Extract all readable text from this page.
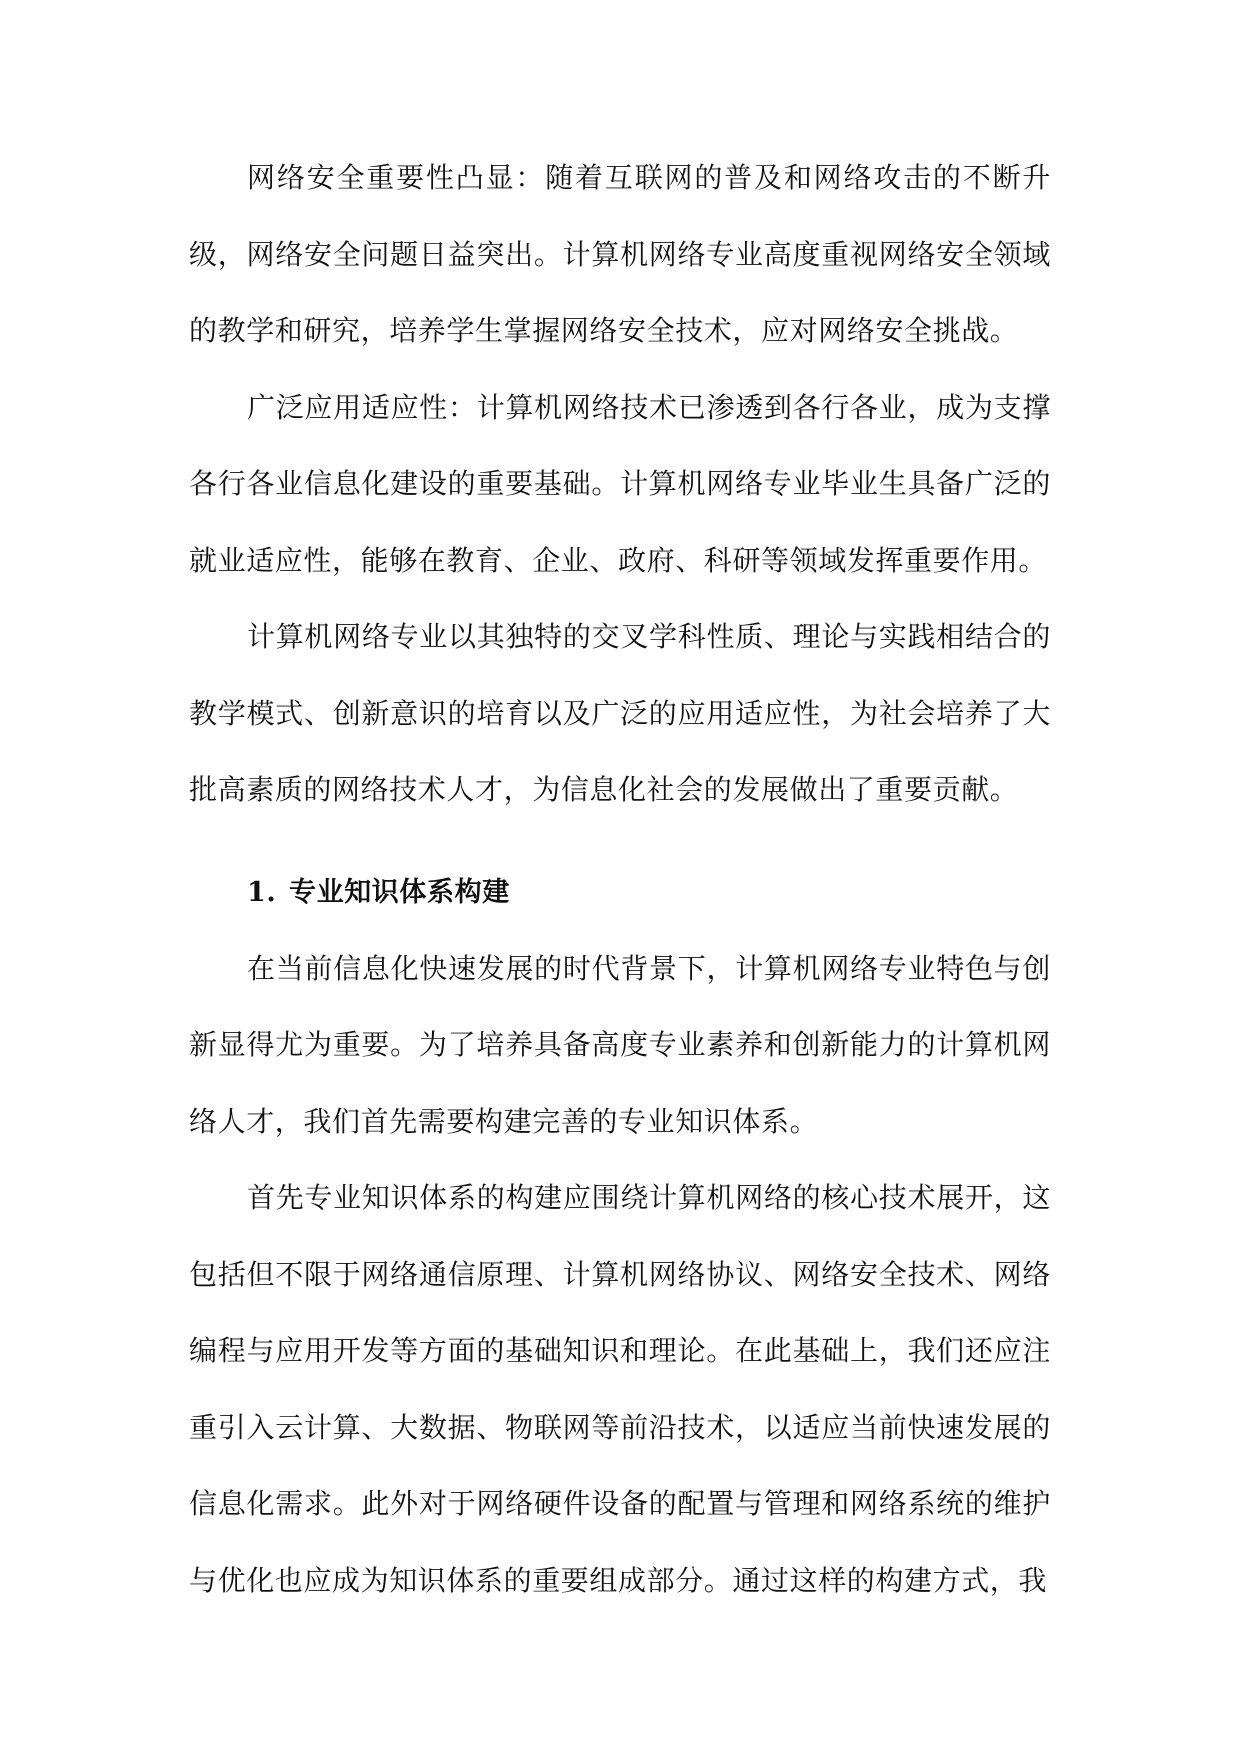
网络安全重要性凸显：随着互联网的普及和网络攻击的不断升级，网络安全问题日益突出。计算机网络专业高度重视网络安全领域的教学和研究，培养学生掌握网络安全技术，应对网络安全挑战。

广泛应用适应性：计算机网络技术已渗透到各行各业，成为支撑各行各业信息化建设的重要基础。计算机网络专业毕业生具备广泛的就业适应性，能够在教育、企业、政府、科研等领域发挥重要作用。

计算机网络专业以其独特的交叉学科性质、理论与实践相结合的教学模式、创新意识的培育以及广泛的应用适应性，为社会培养了大批高素质的网络技术人才，为信息化社会的发展做出了重要贡献。

1. 专业知识体系构建

在当前信息化快速发展的时代背景下，计算机网络专业特色与创新显得尤为重要。为了培养具备高度专业素养和创新能力的计算机网络人才，我们首先需要构建完善的专业知识体系。

首先专业知识体系的构建应围绕计算机网络的核心技术展开，这包括但不限于网络通信原理、计算机网络协议、网络安全技术、网络编程与应用开发等方面的基础知识和理论。在此基础上，我们还应注重引入云计算、大数据、物联网等前沿技术，以适应当前快速发展的信息化需求。此外对于网络硬件设备的配置与管理和网络系统的维护与优化也应成为知识体系的重要组成部分。通过这样的构建方式，我
